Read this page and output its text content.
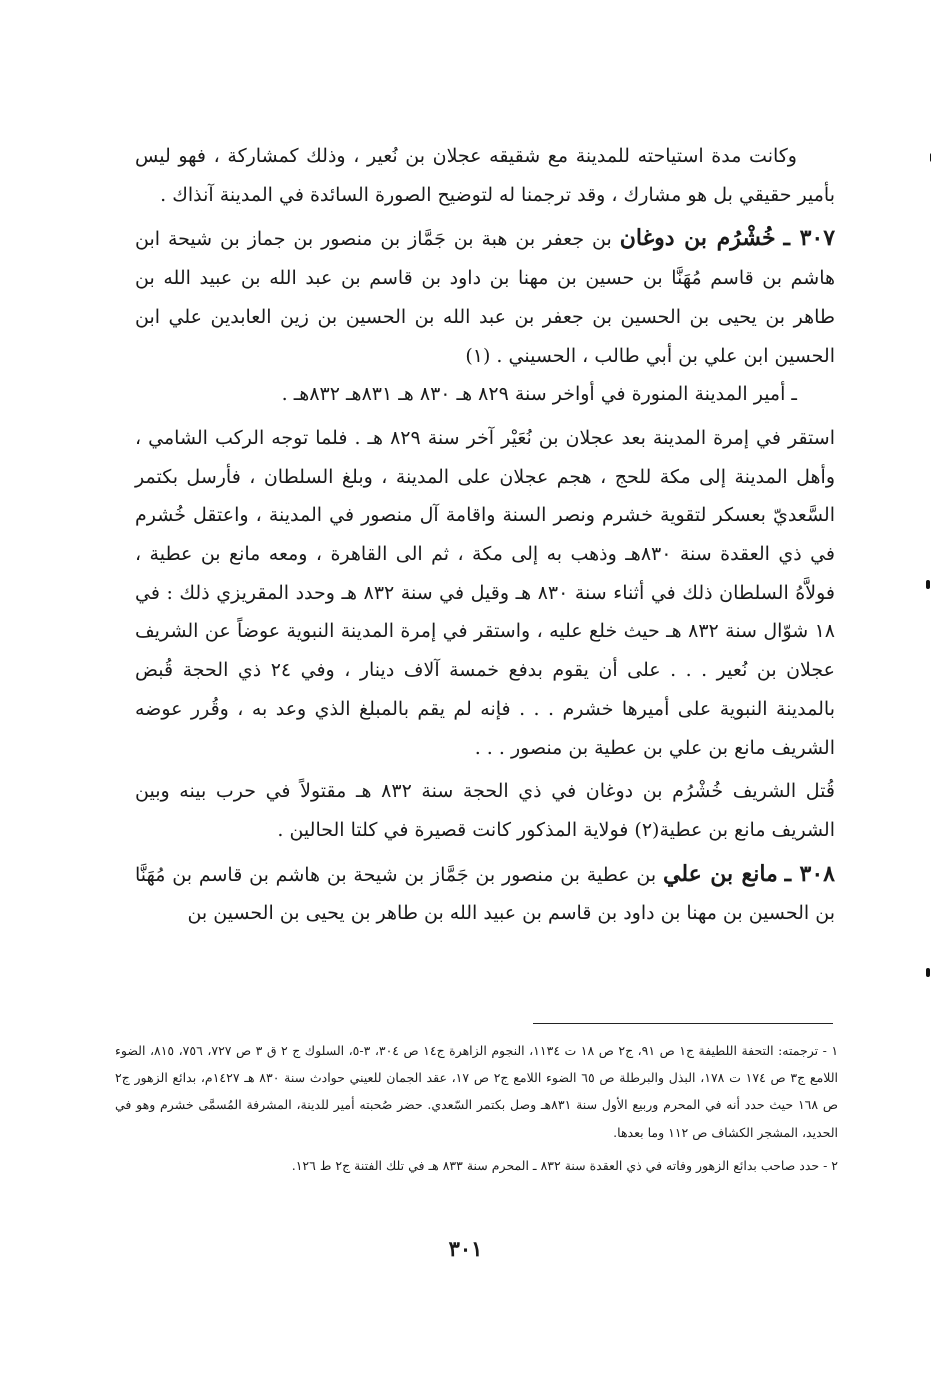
وكانت مدة استياحته للمدينة مع شقيقه عجلان بن نُعير ، وذلك كمشاركة ، فهو ليس بأمير حقيقي بل هو مشارك ، وقد ترجمنا له لتوضيح الصورة السائدة في المدينة آنذاك .

٣٠٧ ـ خُشْرُم بن دوغان بن جعفر بن هبة بن جَمَّاز بن منصور بن جماز بن شيحة ابن هاشم بن قاسم مُهَنَّا بن حسين بن مهنا بن داود بن قاسم بن عبد الله بن عبيد الله بن طاهر بن يحيى بن الحسين بن جعفر بن عبد الله بن الحسين بن زين العابدين علي ابن الحسين ابن علي بن أبي طالب ، الحسيني . (١)

ـ أمير المدينة المنورة في أواخر سنة ٨٢٩ هـ ٨٣٠ هـ ٨٣١هـ ٨٣٢هـ .

استقر في إمرة المدينة بعد عجلان بن نُعَيْر آخر سنة ٨٢٩ هـ . فلما توجه الركب الشامي ، وأهل المدينة إلى مكة للحج ، هجم عجلان على المدينة ، وبلغ السلطان ، فأرسل بكتمر السَّعديّ بعسكر لتقوية خشرم ونصر السنة واقامة آل منصور في المدينة ، واعتقل خُشرم في ذي العقدة سنة ٨٣٠هـ وذهب به إلى مكة ، ثم الى القاهرة ، ومعه مانع بن عطية ، فولاَّهُ السلطان ذلك في أثناء سنة ٨٣٠ هـ وقيل في سنة ٨٣٢ هـ وحدد المقريزي ذلك : في ١٨ شوّال سنة ٨٣٢ هـ حيث خلع عليه ، واستقر في إمرة المدينة النبوية عوضاً عن الشريف عجلان بن نُعير . . . على أن يقوم بدفع خمسة آلاف دينار ، وفي ٢٤ ذي الحجة قُبض بالمدينة النبوية على أميرها خشرم . . . فإنه لم يقم بالمبلغ الذي وعد به ، وقُرر عوضه الشريف مانع بن علي بن عطية بن منصور . . .

قُتل الشريف خُشْرُم بن دوغان في ذي الحجة سنة ٨٣٢ هـ مقتولاً في حرب بينه وبين الشريف مانع بن عطية(٢) فولاية المذكور كانت قصيرة في كلتا الحالين .

٣٠٨ ـ مانع بن علي بن عطية بن منصور بن جَمَّاز بن شيحة بن هاشم بن قاسم بن مُهَنَّا بن الحسين بن مهنا بن داود بن قاسم بن عبيد الله بن طاهر بن يحيى بن الحسين بن

١ - ترجمته: التحفة اللطيفة ج١ ص ٩١، ج٢ ص ١٨ ت ١١٣٤، النجوم الزاهرة ج١٤ ص ٣٠٤، ٣-٥، السلوك ج ٢ ق ٣ ص ٧٢٧، ٧٥٦، ٨١٥، الضوء اللامع ج٣ ص ١٧٤ ت ١٧٨، البذل والبرطلة ص ٦٥ الضوء اللامع ج٢ ص ١٧، عقد الجمان للعيني حوادث سنة ٨٣٠ هـ ١٤٢٧م، بدائع الزهور ج٢ ص ١٦٨ حيث حدد أنه في المحرم وربيع الأول سنة ٨٣١هـ وصل بكتمر السّعدي. حضر صُحبته أمير للدينة، المشرفة المُسمَّى خشرم وهو في الحديد، المشجر الكشاف ص ١١٢ وما بعدها.

٢ - حدد صاحب بدائع الزهور وفاته في ذي العقدة سنة ٨٣٢ ـ المحرم سنة ٨٣٣ هـ في تلك الفتنة ج٢ ط ١٢٦.

٣٠١
